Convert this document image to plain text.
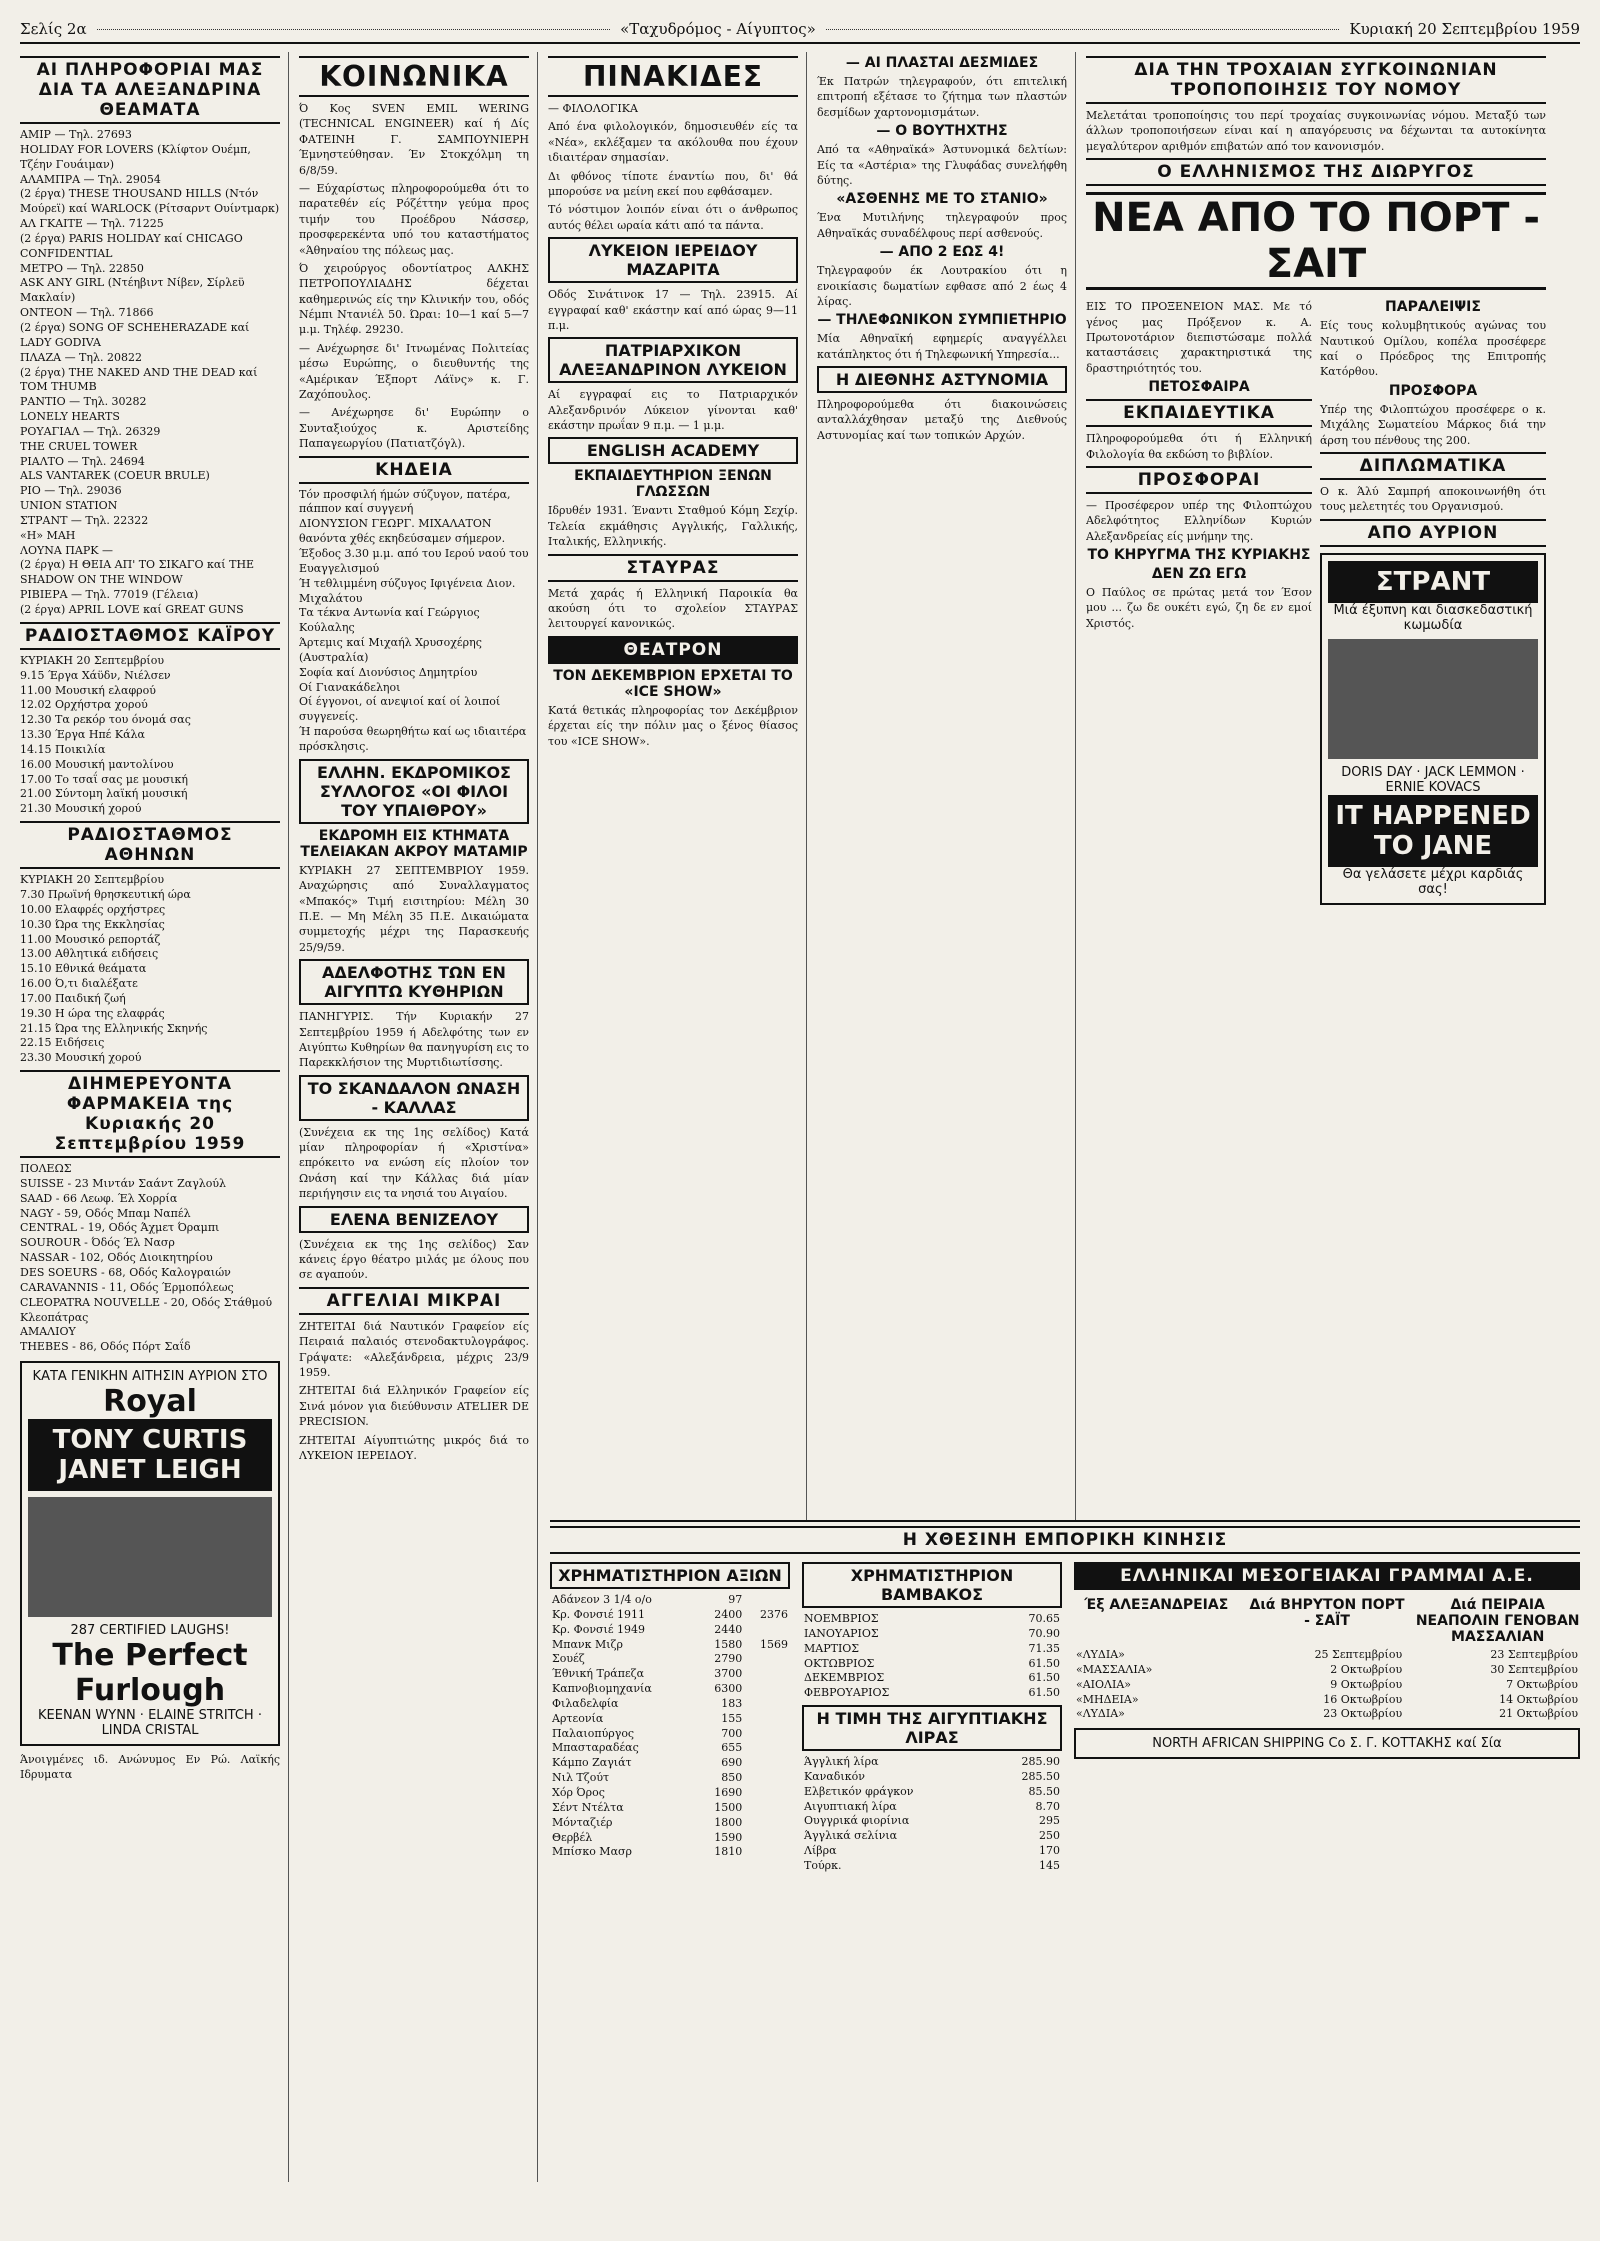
Σελίς 2α	«Ταχυδρόμος - Αίγυπτος»	Κυριακή 20 Σεπτεμβρίου 1959
ΑΙ ΠΛΗΡΟΦΟΡΙΑΙ ΜΑΣ ΔΙΑ ΤΑ ΑΛΕΞΑΝΔΡΙΝΑ ΘΕΑΜΑΤΑ
ΑΜΙΡ — Τηλ. 27693
HOLIDAY FOR LOVERS (Κλίφτον Ουέμπ, Τζέην Γουάιμαν)
ΑΛΑΜΠΡΑ — Τηλ. 29054
(2 έργα) THESE THOUSAND HILLS (Ντόν Μούρεϊ) καί WARLOCK (Ρίτσαρντ Ουίντμαρκ)
ΑΛ ΓΚΑΙΤΕ — Τηλ. 71225
(2 έργα) PARIS HOLIDAY καί CHICAGO CONFIDENTIAL
ΜΕΤΡΟ — Τηλ. 22850
ASK ANY GIRL (Ντέηβιντ Νίβεν, Σίρλεϋ Μακλαίν)
ΟΝΤΕΟΝ — Τηλ. 71866
(2 έργα) SONG OF SCHEHERAZADE καί LADY GODIVA
ΠΛΑΖΑ — Τηλ. 20822
(2 έργα) THE NAKED AND THE DEAD καί TOM THUMB
ΡΑΝΤΙΟ — Τηλ. 30282
LONELY HEARTS
ΡΟΥΑΓΙΑΛ — Τηλ. 26329
THE CRUEL TOWER
ΡΙΑΛΤΟ — Τηλ. 24694
ALS VANTAREK (COEUR BRULE)
ΡΙΟ — Τηλ. 29036
UNION STATION
ΣΤΡΑΝΤ — Τηλ. 22322
«Η» ΜΑΗ
ΛΟΥΝΑ ΠΑΡΚ —
(2 έργα) Η ΘΕΙΑ ΑΠ' ΤΟ ΣΙΚΑΓΟ καί THE SHADOW ON THE WINDOW
ΡΙΒΙΕΡΑ — Τηλ. 77019 (Γέλεια)
(2 έργα) APRIL LOVE καί GREAT GUNS
ΡΑΔΙΟΣΤΑΘΜΟΣ ΚΑΪΡΟΥ
ΚΥΡΙΑΚΗ 20 Σεπτεμβρίου
9.15 Έργα Χάϋδν, Νιέλσεν
11.00 Μουσική ελαφρού
12.02 Ορχήστρα χορού
12.30 Τα ρεκόρ του όνομά σας
13.30 Έργα Ηπέ Κάλα
14.15 Ποικιλία
16.00 Μουσική μαντολίνου
17.00 Το τσαΐ σας με μουσική
21.00 Σύντομη λαϊκή μουσική
21.30 Μουσική χορού
ΡΑΔΙΟΣΤΑΘΜΟΣ ΑΘΗΝΩΝ
ΚΥΡΙΑΚΗ 20 Σεπτεμβρίου
7.30 Πρωϊνή θρησκευτική ώρα
10.00 Ελαφρές ορχήστρες
10.30 Ώρα της Εκκλησίας
11.00 Μουσικό ρεπορτάζ
13.00 Αθλητικά ειδήσεις
15.10 Εθνικά θεάματα
16.00 Ό,τι διαλέξατε
17.00 Παιδική ζωή
19.30 Η ώρα της ελαφράς
21.15 Ώρα της Ελληνικής Σκηνής
22.15 Ειδήσεις
23.30 Μουσική χορού
ΔΙΗΜΕΡΕΥΟΝΤΑ ΦΑΡΜΑΚΕΙΑ της Κυριακής 20 Σεπτεμβρίου 1959
ΠΟΛΕΩΣ
SUISSE - 23 Μιντάν Σαάντ Ζαγλούλ
SAAD - 66 Λεωφ. Έλ Χορρία
NAGY - 59, Οδός Μπαμ Ναπέλ
CENTRAL - 19, Οδός Άχμετ Όραμπι
SOUROUR - Όδός Έλ Νασρ
NASSAR - 102, Οδός Διοικητηρίου
DES SOEURS - 68, Οδός Καλογραιών
CARAVANNIS - 11, Οδός Έρμοπόλεως
CLEOPATRA NOUVELLE - 20, Οδός Στάθμού Κλεοπάτρας
ΑΜΑΛΙΟΥ
THEBES - 86, Οδός Πόρτ Σαΐδ
ΚΑΤΑ ΓΕΝΙΚΗΝ ΑΙΤΗΣΙΝ ΑΥΡΙΟΝ ΣΤΟ
Royal
TONY CURTIS JANET LEIGH
287 CERTIFIED LAUGHS!
The Perfect Furlough
KEENAN WYNN · ELAINE STRITCH · LINDA CRISTAL
Άνοιγμένες ιδ. Ανώνυμος Εν Ρώ. Λαϊκής Ιδρυματα
ΚΟΙΝΩΝΙΚΑ
Ό Κος SVEN EMIL WERING (TECHNICAL ENGINEER) καί ή Δίς ΦΑΤΕΙΝΗ Γ. ΣΑΜΠΟΥΝΙΕΡΗ Έμνηστεύθησαν. Έν Στοκχόλμη τη 6/8/59.
— Εύχαρίστως πληροφορούμεθα ότι το παρατεθέν είς Ρόζέττην γεύμα προς τιμήν του Προέδρου Νάσσερ, προσφερεκέντα υπό του καταστήματος «Άθηναίου της πόλεως μας.
Ό χειρούργος οδοντίατρος ΑΛΚΗΣ ΠΕΤΡΟΠΟΥΛΙΑΔΗΣ δέχεται καθημερινώς είς την Κλινικήν του, οδός Νέμπι Ντανιέλ 50. Ώραι: 10—1 καί 5—7 μ.μ. Τηλέφ. 29230.
— Ανέχωρησε δι' Ιτνωμένας Πολιτείας μέσω Ευρώπης, ο διευθυντής της «Αμέρικαν Έξπορτ Λάϊνς» κ. Γ. Ζαχόπουλος.
— Ανέχωρησε δι' Ευρώπην ο Συνταξιούχος κ. Αριστείδης Παπαγεωργίου (Πατιατζόγλ).
ΚΗΔΕΙΑ
Τόν προσφιλή ήμών σύζυγον, πατέρα, πάππον καί συγγενή
ΔΙΟΝΥΣΙΟΝ ΓΕΩΡΓ. ΜΙΧΑΛΑΤΟΝ
θανόντα χθές εκηδεύσαμεν σήμερον. Έξοδος 3.30 μ.μ. από του Ιερού ναού του Ευαγγελισμού
Ή τεθλιμμένη σύζυγος Ιφιγένεια Διον. Μιχαλάτου
Τα τέκνα Αντωνία καί Γεώργιος Κούλαλης
Άρτεμις καί Μιχαήλ Χρυσοχέρης (Αυστραλία)
Σοφία καί Διονύσιος Δημητρίου
Οί Γιανακάδεληοι
Οί έγγονοι, οί ανεψιοί καί οί λοιποί συγγενείς.
Ή παρούσα θεωρηθήτω καί ως ιδιαιτέρα πρόσκλησις.
ΕΛΛΗΝ. ΕΚΔΡΟΜΙΚΟΣ ΣΥΛΛΟΓΟΣ «ΟΙ ΦΙΛΟΙ ΤΟΥ ΥΠΑΙΘΡΟΥ»
ΕΚΔΡΟΜΗ ΕΙΣ ΚΤΗΜΑΤΑ ΤΕΛΕΙΑΚΑΝ ΑΚΡΟΥ ΜΑΤΑΜΙΡ
ΚΥΡΙΑΚΗ 27 ΣΕΠΤΕΜΒΡΙΟΥ 1959. Αναχώρησις από Συναλλαγματος «Μπακός» Τιμή εισιτηρίου: Μέλη 30 Π.Ε. — Μη Μέλη 35 Π.Ε. Δικαιώματα συμμετοχής μέχρι της Παρασκευής 25/9/59.
ΑΔΕΛΦΟΤΗΣ ΤΩΝ ΕΝ ΑΙΓΥΠΤΩ ΚΥΘΗΡΙΩΝ
ΠΑΝΗΓΥΡΙΣ. Τήν Κυριακήν 27 Σεπτεμβρίου 1959 ή Αδελφότης των εν Αιγύπτω Κυθηρίων θα πανηγυρίση εις το Παρεκκλήσιον της Μυρτιδιωτίσσης.
ΤΟ ΣΚΑΝΔΑΛΟΝ ΩΝΑΣΗ - ΚΑΛΛΑΣ
(Συνέχεια εκ της 1ης σελίδος) Κατά μίαν πληροφορίαν ή «Χριστίνα» επρόκειτο να ενώση είς πλοίον τον Ωνάση καί την Κάλλας διά μίαν περιήγησιν εις τα νησιά του Αιγαίου.
ΕΛΕΝΑ ΒΕΝΙΖΕΛΟΥ
(Συνέχεια εκ της 1ης σελίδος) Σαν κάνεις έργο θέατρο μιλάς με όλους που σε αγαπούν.
ΑΓΓΕΛΙΑΙ ΜΙΚΡΑΙ
ΖΗΤΕΙΤΑΙ διά Ναυτικόν Γραφείον είς Πειραιά παλαιός στενοδακτυλογράφος. Γράψατε: «Αλεξάνδρεια, μέχρις 23/9 1959.
ΖΗΤΕΙΤΑΙ διά Ελληνικόν Γραφείον είς Σινά μόνον για διεύθυνσιν ATELIER DE PRECISION.
ΖΗΤΕΙΤΑΙ Αίγυπτιώτης μικρός διά το ΛΥΚΕΙΟΝ ΙΕΡΕΙΔΟΥ.
ΠΙΝΑΚΙΔΕΣ
— ΦΙΛΟΛΟΓΙΚΑ
Από ένα φιλολογικόν, δημοσιευθέν είς τα «Νέα», εκλέξαμεν τα ακόλουθα που έχουν ιδιαιτέραν σημασίαν.
Δι φθόνος τίποτε έναντίω που, δι' θά μπορούσε να μείνη εκεί που εφθάσαμεν.
Τό νόστιμον λοιπόν είναι ότι ο άνθρωπος αυτός θέλει ωραία κάτι από τα πάντα.
ΛΥΚΕΙΟΝ ΙΕΡΕΙΔΟΥ ΜΑΖΑΡΙΤΑ
Οδός Σινάτινοκ 17 — Τηλ. 23915. Αί εγγραφαί καθ' εκάστην καί από ώρας 9—11 π.μ.
ΠΑΤΡΙΑΡΧΙΚΟΝ ΑΛΕΞΑΝΔΡΙΝΟΝ ΛΥΚΕΙΟΝ
Αί εγγραφαί εις το Πατριαρχικόν Αλεξανδρινόν Λύκειον γίνονται καθ' εκάστην πρωΐαν 9 π.μ. — 1 μ.μ.
ENGLISH ACADEMY
ΕΚΠΑΙΔΕΥΤΗΡΙΟΝ ΞΕΝΩΝ ΓΛΩΣΣΩΝ
Ιδρυθέν 1931. Έναντι Σταθμού Κόμη Σεχίρ. Τελεία εκμάθησις Αγγλικής, Γαλλικής, Ιταλικής, Ελληνικής.
ΣΤΑΥΡΑΣ
Μετά χαράς ή Ελληνική Παροικία θα ακούση ότι το σχολείον ΣΤΑΥΡΑΣ λειτουργεί κανονικώς.
ΘΕΑΤΡΟΝ
ΤΟΝ ΔΕΚΕΜΒΡΙΟΝ ΕΡΧΕΤΑΙ ΤΟ «ICE SHOW»
Κατά θετικάς πληροφορίας τον Δεκέμβριον έρχεται είς την πόλιν μας ο ξένος θίασος του «ICE SHOW».
— ΑΙ ΠΛΑΣΤΑΙ ΔΕΣΜΙΔΕΣ
Έκ Πατρών τηλεγραφούν, ότι επιτελική επιτροπή εξέτασε το ζήτημα των πλαστών δεσμίδων χαρτονομισμάτων.
— Ο ΒΟΥΤΗΧΤΗΣ
Από τα «Αθηναϊκά» Άστυνομικά δελτίων: Είς τα «Αστέρια» της Γλυφάδας συνελήφθη δύτης.
«ΑΣΘΕΝΗΣ ΜΕ ΤΟ ΣΤΑΝΙΟ»
Ένα Μυτιλήνης τηλεγραφούν προς Αθηναϊκάς συναδέλφους περί ασθενούς.
— ΑΠΟ 2 ΕΩΣ 4!
Τηλεγραφούν έκ Λουτρακίου ότι η ενοικίασις δωματίων εφθασε από 2 έως 4 λίρας.
— ΤΗΛΕΦΩΝΙΚΟΝ ΣΥΜΠΙΕΤΗΡΙΟ
Μία Αθηναϊκή εφημερίς αναγγέλλει κατάπληκτος ότι ή Τηλεφωνική Υπηρεσία...
Η ΔΙΕΘΝΗΣ ΑΣΤΥΝΟΜΙΑ
Πληροφορούμεθα ότι διακοινώσεις ανταλλάχθησαν μεταξύ της Διεθνούς Αστυνομίας καί των τοπικών Αρχών.
ΔΙΑ ΤΗΝ ΤΡΟΧΑΙΑΝ ΣΥΓΚΟΙΝΩΝΙΑΝ ΤΡΟΠΟΠΟΙΗΣΙΣ ΤΟΥ ΝΟΜΟΥ
Μελετάται τροποποίησις του περί τροχαίας συγκοινωνίας νόμου. Μεταξύ των άλλων τροποποιήσεων είναι καί η απαγόρευσις να δέχωνται τα αυτοκίνητα μεγαλύτερον αριθμόν επιβατών από τον κανονισμόν.
Ο ΕΛΛΗΝΙΣΜΟΣ ΤΗΣ ΔΙΩΡΥΓΟΣ
ΝΕΑ ΑΠΟ ΤΟ ΠΟΡΤ - ΣΑΙΤ
ΕΙΣ ΤΟ ΠΡΟΞΕΝΕΙΟΝ ΜΑΣ. Με τό γένος μας Πρόξενον κ. Α. Πρωτονοτάριον διεπιστώσαμε πολλά καταστάσεις χαρακτηριστικά της δραστηριότητός του.
ΠΕΤΟΣΦΑΙΡΑ
ΕΚΠΑΙΔΕΥΤΙΚΑ
Πληροφορούμεθα ότι ή Ελληνική Φιλολογία θα εκδώση το βιβλίον.
ΠΡΟΣΦΟΡΑΙ
— Προσέφερον υπέρ της Φιλοπτώχου Αδελφότητος Ελληνίδων Κυριών Αλεξανδρείας είς μνήμην της.
ΤΟ ΚΗΡΥΓΜΑ ΤΗΣ ΚΥΡΙΑΚΗΣ
ΔΕΝ ΖΩ ΕΓΩ
Ο Παύλος σε πρώτας μετά τον Έσον μου ... ζω δε ουκέτι εγώ, ζη δε εν εμοί Χριστός.
ΠΑΡΑΛΕΙΨΙΣ
Είς τους κολυμβητικούς αγώνας του Ναυτικού Ομίλου, κοπέλα προσέφερε καί ο Πρόεδρος της Επιτροπής Κατόρθου.
ΠΡΟΣΦΟΡΑ
Υπέρ της Φιλοπτώχου προσέφερε ο κ. Μιχάλης Σωματείου Μάρκος διά την άρση του πένθους της 200.
ΔΙΠΛΩΜΑΤΙΚΑ
Ο κ. Άλύ Σαμπρή αποκοινωνήθη ότι τους μελετητές του Οργανισμού.
ΑΠΟ ΑΥΡΙΟΝ
ΣΤΡΑΝΤ
Μιά έξυπνη και διασκεδαστική κωμωδία
DORIS DAY · JACK LEMMON · ERNIE KOVACS
IT HAPPENED TO JANE
Θα γελάσετε μέχρι καρδιάς σας!
Η ΧΘΕΣΙΝΗ ΕΜΠΟΡΙΚΗ ΚΙΝΗΣΙΣ
ΧΡΗΜΑΤΙΣΤΗΡΙΟΝ ΑΞΙΩΝ
Αδάνεον 3 1/4 ο/ο	97	
Κρ. Φονσιέ 1911	2400	2376
Κρ. Φονσιέ 1949	2440	
Μπανκ Μιζρ	1580	1569
Σουέζ	2790	
Έθνική Τράπεζα	3700	
Καπνοβιομηχανία	6300	
Φιλαδελφία	183	
Αρτεονία	155	
Παλαιοπύργος	700	
Μπασταραδέας	655	
Κάμπο Ζαγιάτ	690	
Νιλ Τζούτ	850	
Χόρ Όρος	1690	
Σέντ Ντέλτα	1500	
Μόνταζιέρ	1800	
Θερβέλ	1590	
Μπίσκο Μασρ	1810	
ΧΡΗΜΑΤΙΣΤΗΡΙΟΝ ΒΑΜΒΑΚΟΣ
ΝΟΕΜΒΡΙΟΣ	70.65
ΙΑΝΟΥΑΡΙΟΣ	70.90
ΜΑΡΤΙΟΣ	71.35
ΟΚΤΩΒΡΙΟΣ	61.50
ΔΕΚΕΜΒΡΙΟΣ	61.50
ΦΕΒΡΟΥΑΡΙΟΣ	61.50
Η ΤΙΜΗ ΤΗΣ ΑΙΓΥΠΤΙΑΚΗΣ ΛΙΡΑΣ
Άγγλική λίρα	285.90
Καναδικόν	285.50
Ελβετικόν φράγκον	85.50
Αιγυπτιακή λίρα	8.70
Ουγγρικά φιορίνια	295
Άγγλικά σελίνια	250
Λίβρα	170
Τούρκ.	145
ΕΛΛΗΝΙΚΑΙ ΜΕΣΟΓΕΙΑΚΑΙ ΓΡΑΜΜΑΙ Α.Ε.
Έξ ΑΛΕΞΑΝΔΡΕΙΑΣ	Διά ΒΗΡΥΤΟΝ ΠΟΡΤ - ΣΑΪΤ
Διά ΠΕΙΡΑΙΑ ΝΕΑΠΟΛΙΝ ΓΕΝΟΒΑΝ ΜΑΣΣΑΛΙΑΝ
«ΛΥΔΙΑ»	25 Σεπτεμβρίου	23 Σεπτεμβρίου
«ΜΑΣΣΑΛΙΑ»	2 Οκτωβρίου	30 Σεπτεμβρίου
«ΑΙΟΛΙΑ»	9 Οκτωβρίου	7 Οκτωβρίου
«ΜΗΔΕΙΑ»	16 Οκτωβρίου	14 Οκτωβρίου
«ΛΥΔΙΑ»	23 Οκτωβρίου	21 Οκτωβρίου
NORTH AFRICAN SHIPPING Co Σ. Γ. ΚΟΤΤΑΚΗΣ καί Σία
